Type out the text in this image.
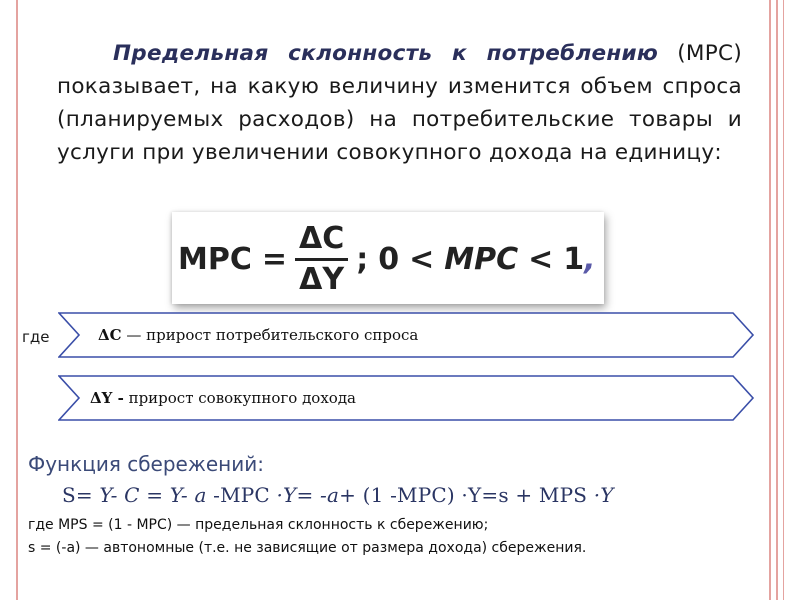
Предельная склонность к потреблению (MPC) показывает, на какую величину изменится объем спроса (планируемых расходов) на потребительские товары и услуги при увеличении совокупного дохода на единицу:
MPC = $\frac{\Delta C}{\Delta Y}$ ; 0 < MPC < 1 ,
где	ΔC
— прирост потребительского спроса
ΔY -
прирост совокупного дохода
Функция сбережений:
S= Y- C = Y- a -MPC ·Y= -a+ (1 -MPC) ·Y=s + MPS ·Y
где MPS = (1 - MPC) — предельная склонность к сбережению;
s = (-a) — автономные (т.е. не зависящие от размера дохода) сбережения.
